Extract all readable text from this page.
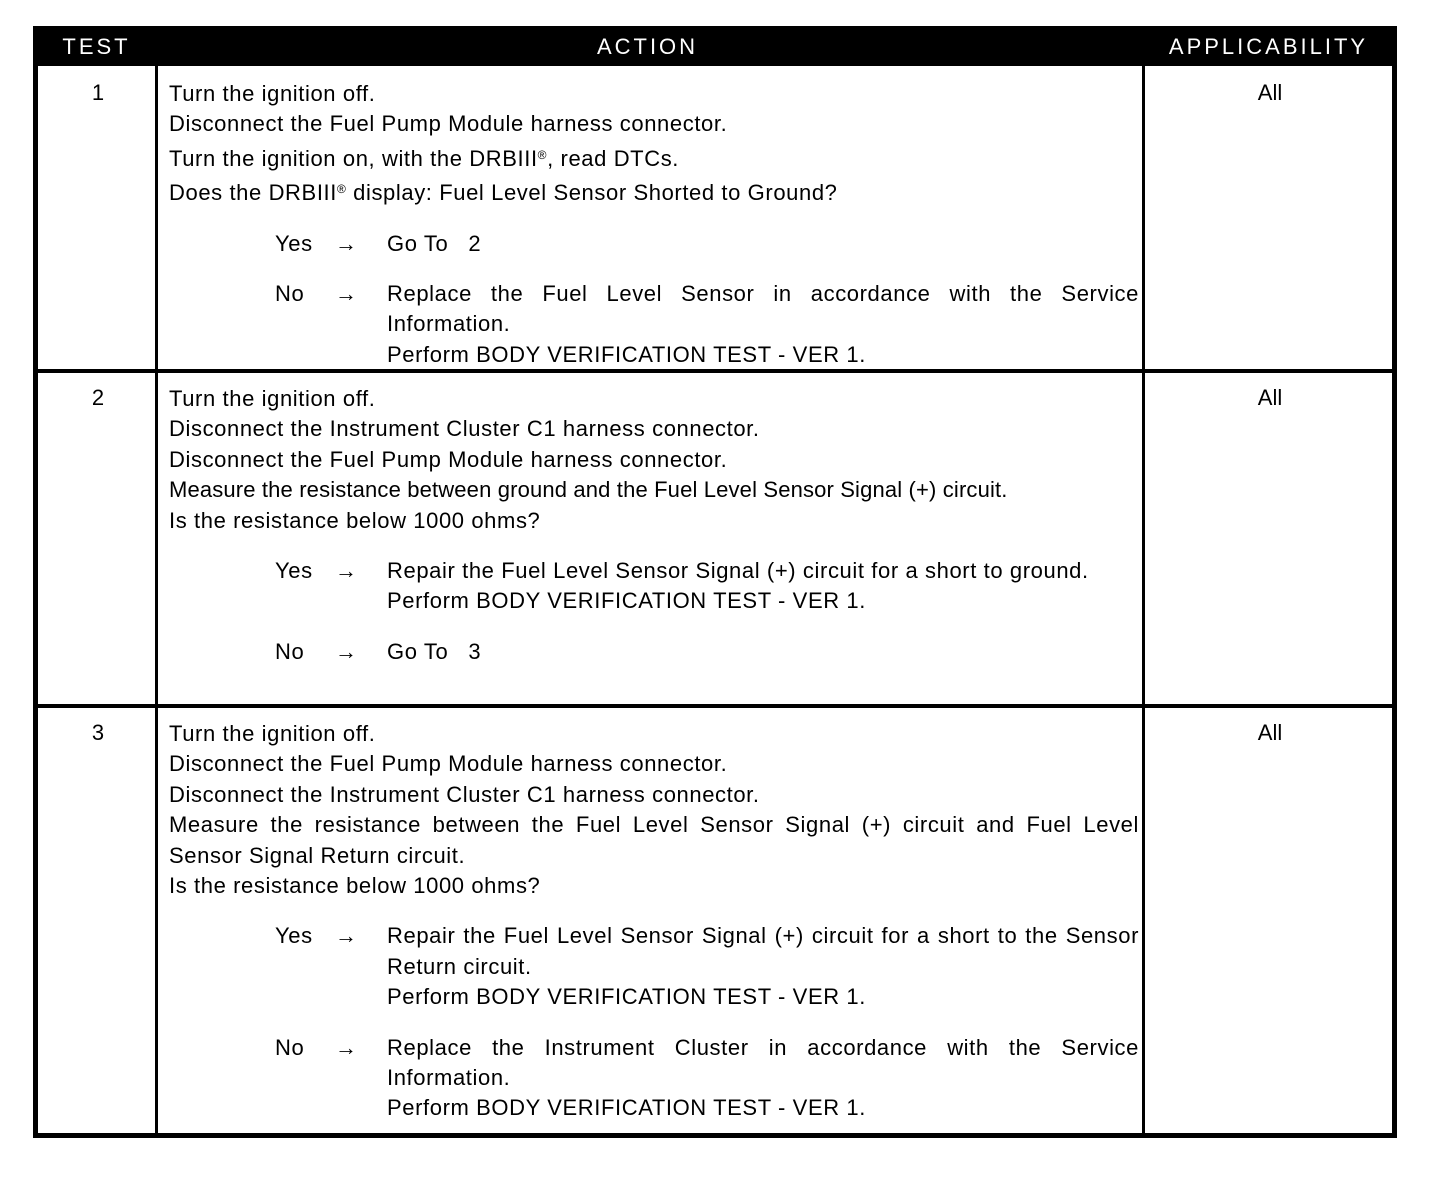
TEST	ACTION	APPLICABILITY
1	Turn the ignition off.
Disconnect the Fuel Pump Module harness connector.
Turn the ignition on, with the DRBIII®, read DTCs.
Does the DRBIII® display: Fuel Level Sensor Shorted to Ground?
Yes → Go To   2
No → Replace the Fuel Level Sensor in accordance with the Service Information.
Perform BODY VERIFICATION TEST - VER 1.
All
2	Turn the ignition off.
Disconnect the Instrument Cluster C1 harness connector.
Disconnect the Fuel Pump Module harness connector.
Measure the resistance between ground and the Fuel Level Sensor Signal (+) circuit.
Is the resistance below 1000 ohms?
Yes → Repair the Fuel Level Sensor Signal (+) circuit for a short to ground.
Perform BODY VERIFICATION TEST - VER 1.
No → Go To   3
All
3	Turn the ignition off.
Disconnect the Fuel Pump Module harness connector.
Disconnect the Instrument Cluster C1 harness connector.
Measure the resistance between the Fuel Level Sensor Signal (+) circuit and Fuel Level Sensor Signal Return circuit.
Is the resistance below 1000 ohms?
Yes → Repair the Fuel Level Sensor Signal (+) circuit for a short to the Sensor Return circuit.
Perform BODY VERIFICATION TEST - VER 1.
No → Replace the Instrument Cluster in accordance with the Service Information.
Perform BODY VERIFICATION TEST - VER 1.
All
